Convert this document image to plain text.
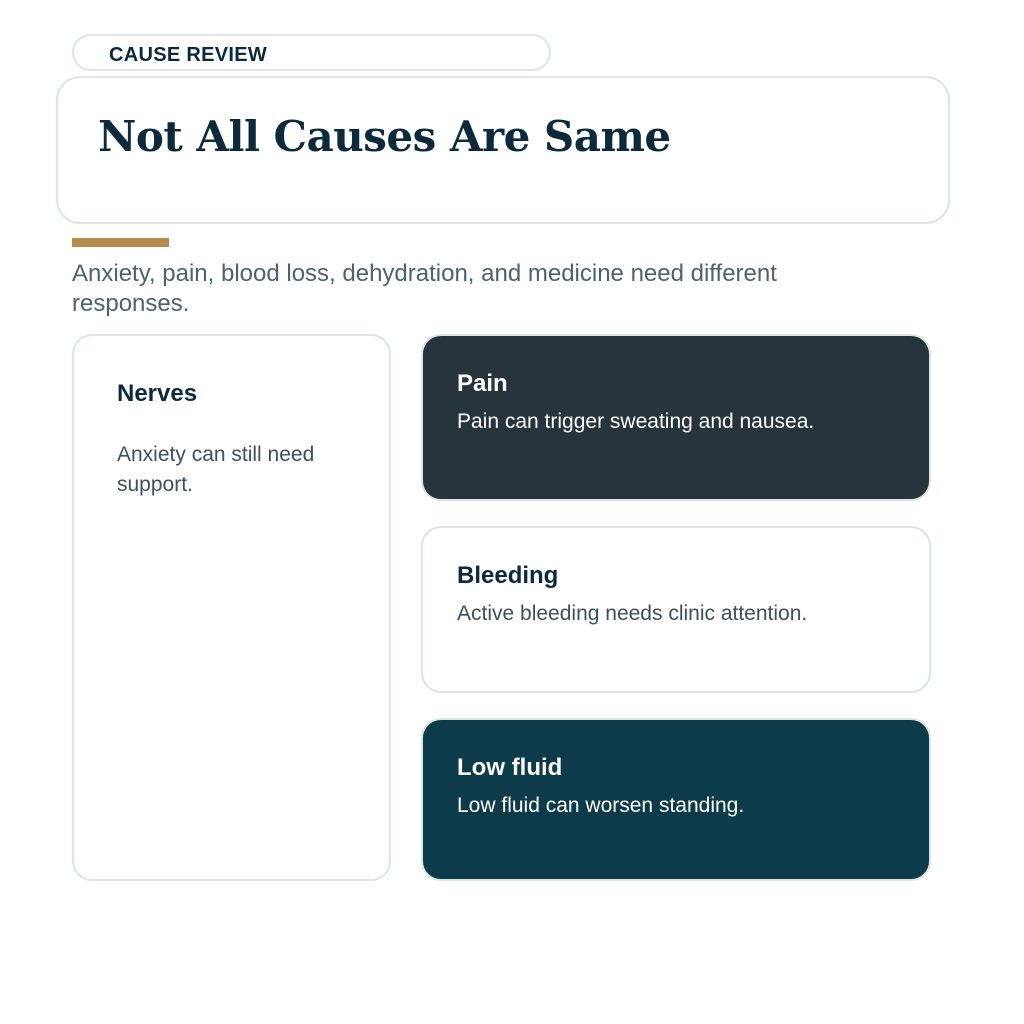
CAUSE REVIEW
Not All Causes Are Same

Anxiety, pain, blood loss, dehydration, and medicine need different responses.

Nerves
Anxiety can still need support.
Pain
Pain can trigger sweating and nausea.
Bleeding
Active bleeding needs clinic attention.
Low fluid
Low fluid can worsen standing.
